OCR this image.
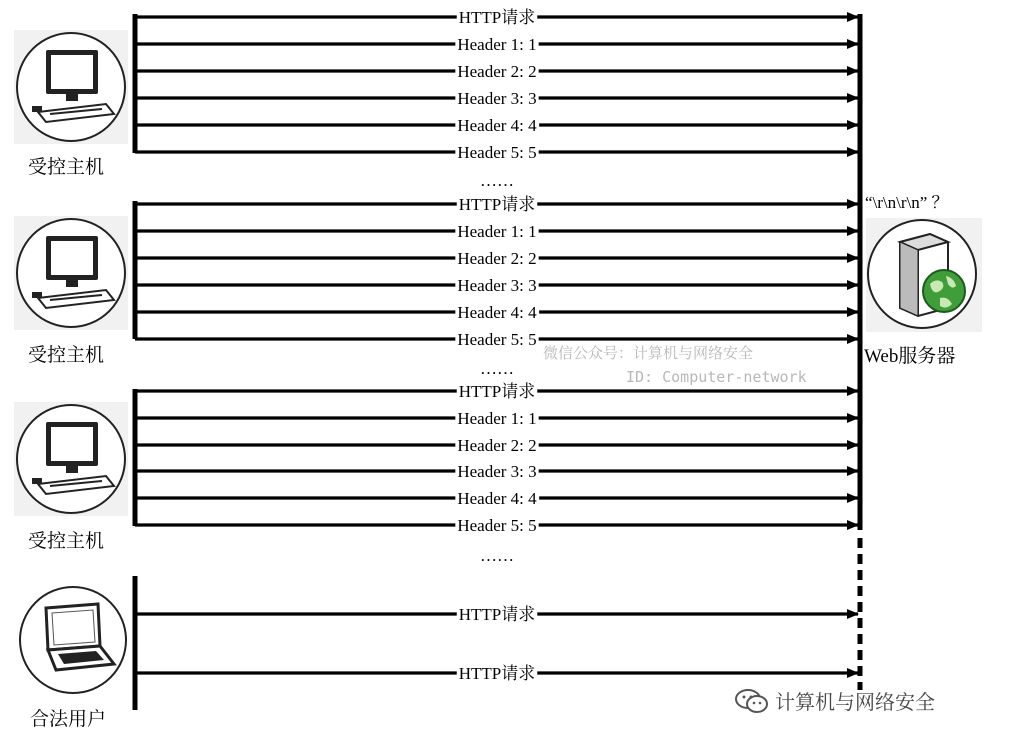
HTTP请求
Header 1: 1
Header 2: 2
Header 3: 3
Header 4: 4
Header 5: 5
HTTP请求
Header 1: 1
Header 2: 2
Header 3: 3
Header 4: 4
Header 5: 5
HTTP请求
Header 1: 1
Header 2: 2
Header 3: 3
Header 4: 4
Header 5: 5
HTTP请求
HTTP请求
……
……
……
“\r\n\r\n” ？
受控主机
受控主机
受控主机
合法用户
Web服务器
微信公众号：计算机与网络安全
ID: Computer-network
计算机与网络安全
